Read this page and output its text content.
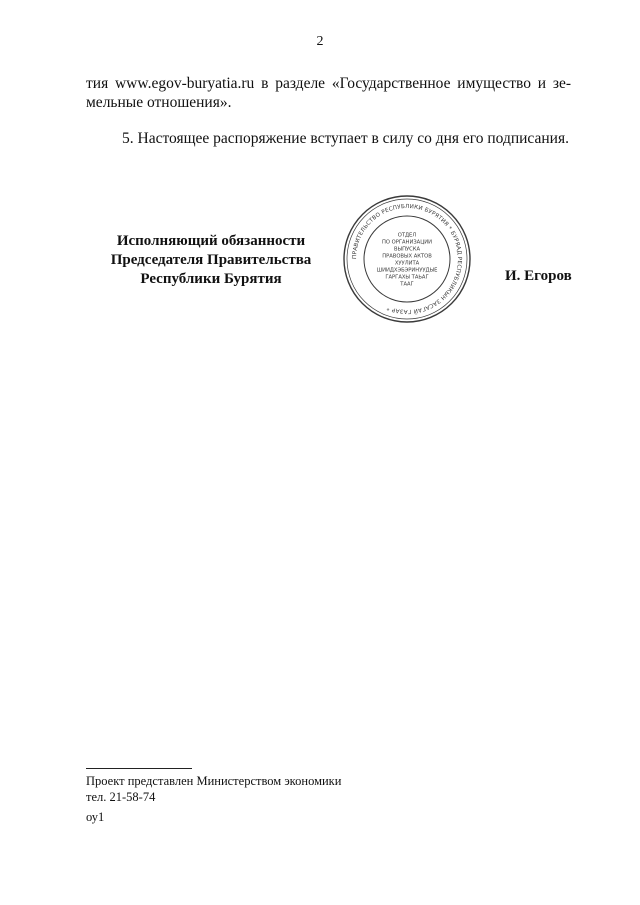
2
тия www.egov-buryatia.ru в разделе «Государственное имущество и зе-
мельные отношения».
5. Настоящее распоряжение вступает в силу со дня его подписания.
Исполняющий обязанности
Председателя Правительства
Республики Бурятия
ПРАВИТЕЛЬСТВО РЕСПУБЛИКИ БУРЯТИЯ * БУРЯАД РЕСПУБЛИКЫН ЗАСАГАЙ ГАЗАР *
ОТДЕЛ
ПО ОРГАНИЗАЦИИ
ВЫПУСКА
ПРАВОВЫХ АКТОВ
ХУУЛИТА
ШИИДХЭБЭРИНУУДЫЕ
ГАРГАХЫ ТАЬАГ
ТААГ
И. Егоров
Проект представлен Министерством экономики
тел. 21-58-74
оу1
